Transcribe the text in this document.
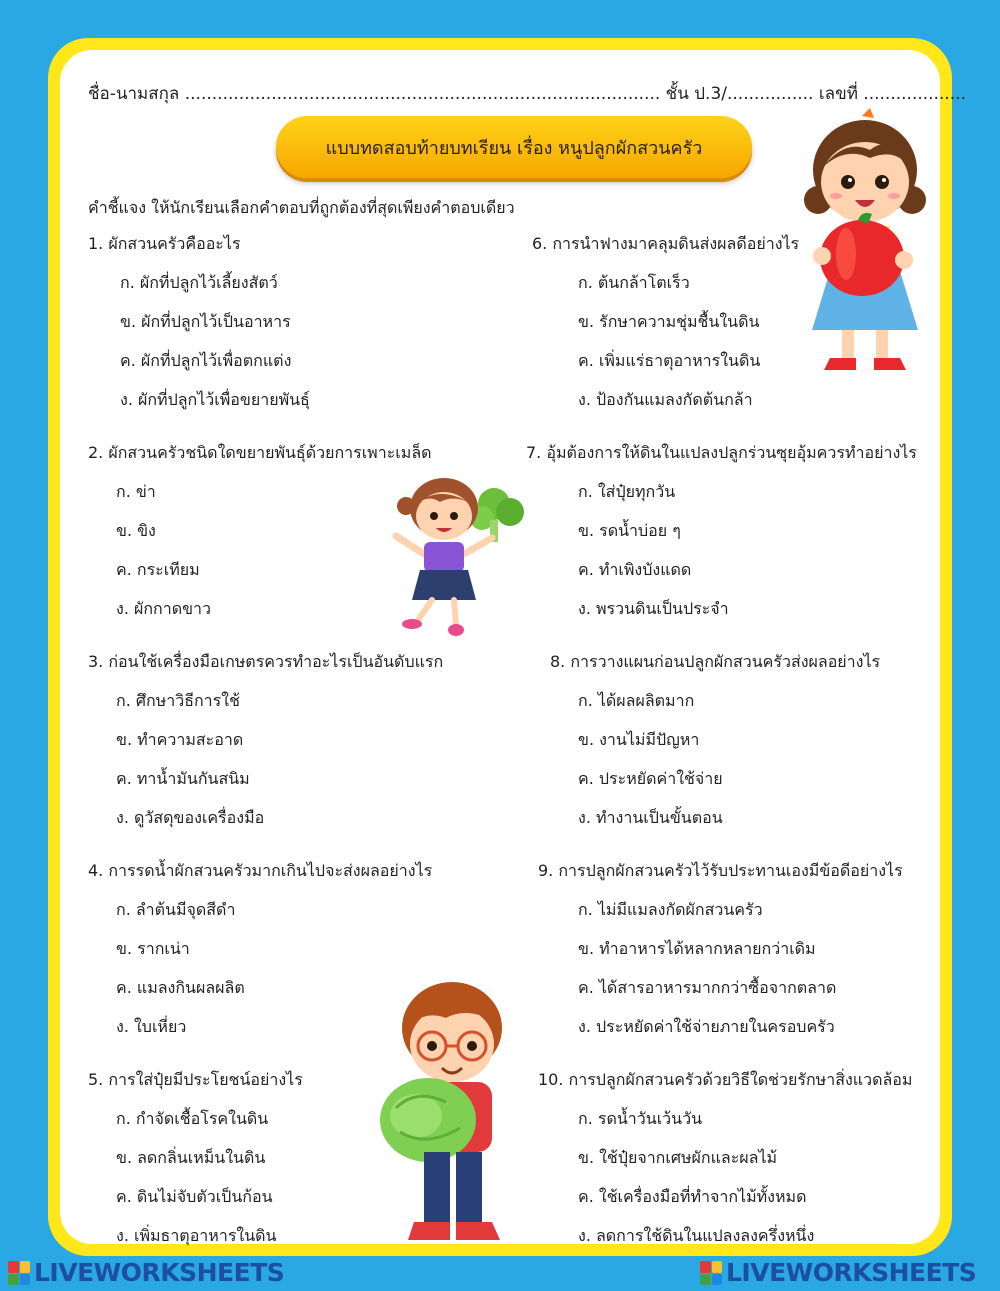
ชื่อ-นามสกุล ........................................................................................ ชั้น ป.3/................ เลขที่ ...................
แบบทดสอบท้ายบทเรียน เรื่อง หนูปลูกผักสวนครัว
คำชี้แจง ให้นักเรียนเลือกคำตอบที่ถูกต้องที่สุดเพียงคำตอบเดียว
1. ผักสวนครัวคืออะไร
ก. ผักที่ปลูกไว้เลี้ยงสัตว์
ข. ผักที่ปลูกไว้เป็นอาหาร
ค. ผักที่ปลูกไว้เพื่อตกแต่ง
ง. ผักที่ปลูกไว้เพื่อขยายพันธุ์
2. ผักสวนครัวชนิดใดขยายพันธุ์ด้วยการเพาะเมล็ด
ก. ข่า
ข. ขิง
ค. กระเทียม
ง. ผักกาดขาว
3. ก่อนใช้เครื่องมือเกษตรควรทำอะไรเป็นอันดับแรก
ก. ศึกษาวิธีการใช้
ข. ทำความสะอาด
ค. ทาน้ำมันกันสนิม
ง. ดูวัสดุของเครื่องมือ
4. การรดน้ำผักสวนครัวมากเกินไปจะส่งผลอย่างไร
ก. ลำต้นมีจุดสีดำ
ข. รากเน่า
ค. แมลงกินผลผลิต
ง. ใบเหี่ยว
5. การใส่ปุ๋ยมีประโยชน์อย่างไร
ก. กำจัดเชื้อโรคในดิน
ข. ลดกลิ่นเหม็นในดิน
ค. ดินไม่จับตัวเป็นก้อน
ง. เพิ่มธาตุอาหารในดิน
6. การนำฟางมาคลุมดินส่งผลดีอย่างไร
ก. ต้นกล้าโตเร็ว
ข. รักษาความชุ่มชื้นในดิน
ค. เพิ่มแร่ธาตุอาหารในดิน
ง. ป้องกันแมลงกัดต้นกล้า
7. อุ้มต้องการให้ดินในแปลงปลูกร่วนซุยอุ้มควรทำอย่างไร
ก. ใส่ปุ๋ยทุกวัน
ข. รดน้ำบ่อย ๆ
ค. ทำเพิงบังแดด
ง. พรวนดินเป็นประจำ
8. การวางแผนก่อนปลูกผักสวนครัวส่งผลอย่างไร
ก. ได้ผลผลิตมาก
ข. งานไม่มีปัญหา
ค. ประหยัดค่าใช้จ่าย
ง. ทำงานเป็นขั้นตอน
9. การปลูกผักสวนครัวไว้รับประทานเองมีข้อดีอย่างไร
ก. ไม่มีแมลงกัดผักสวนครัว
ข. ทำอาหารได้หลากหลายกว่าเดิม
ค. ได้สารอาหารมากกว่าซื้อจากตลาด
ง. ประหยัดค่าใช้จ่ายภายในครอบครัว
10. การปลูกผักสวนครัวด้วยวิธีใดช่วยรักษาสิ่งแวดล้อม
ก. รดน้ำวันเว้นวัน
ข. ใช้ปุ๋ยจากเศษผักและผลไม้
ค. ใช้เครื่องมือที่ทำจากไม้ทั้งหมด
ง. ลดการใช้ดินในแปลงลงครึ่งหนึ่ง
LIVEWORKSHEETS	LIVEWORKSHEETS
